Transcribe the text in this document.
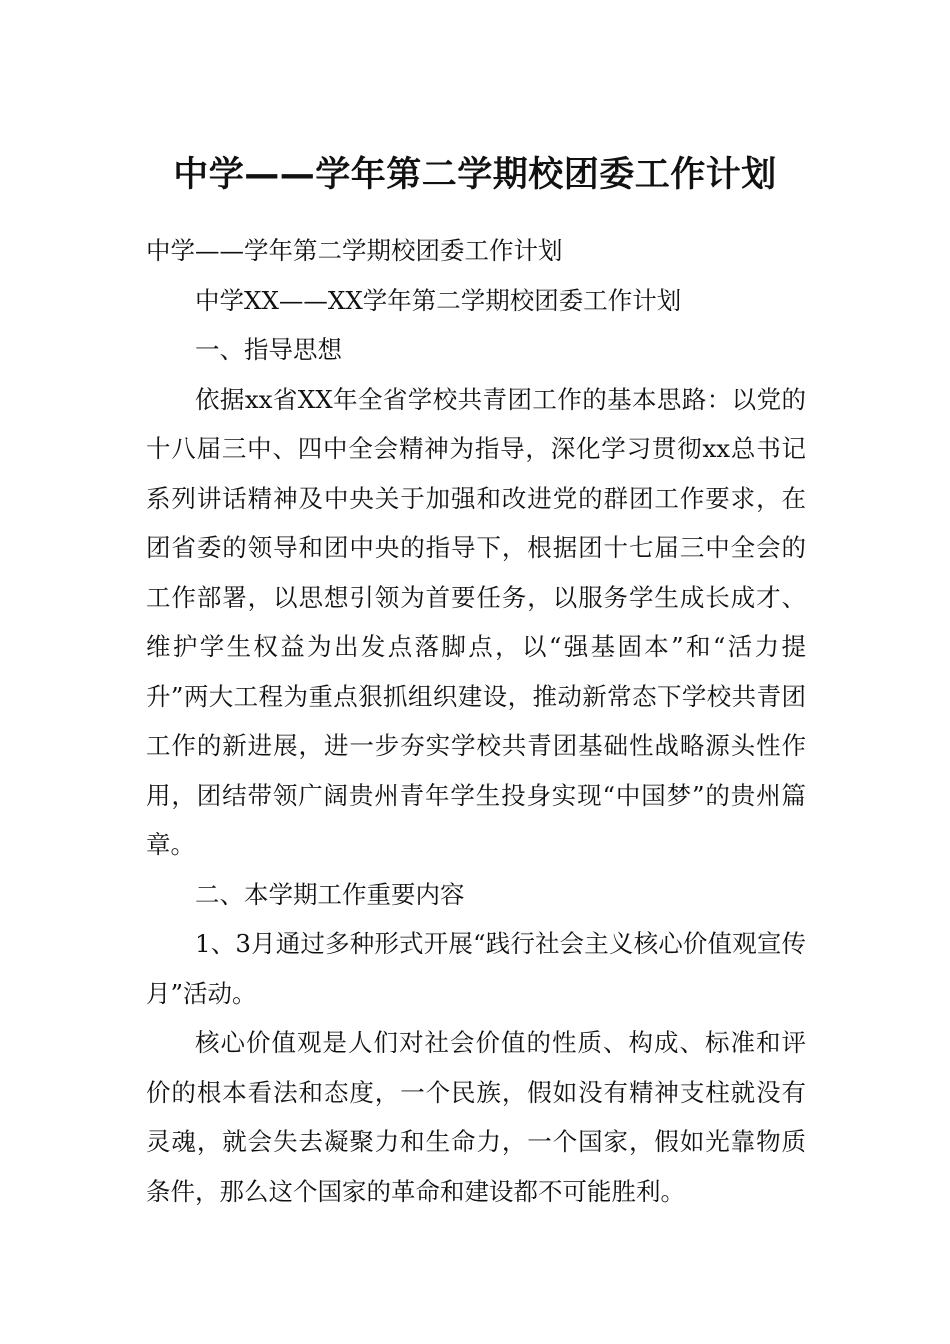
中学——学年第二学期校团委工作计划

中学——学年第二学期校团委工作计划

中学XX——XX学年第二学期校团委工作计划

一、指导思想

依据xx省XX年全省学校共青团工作的基本思路：以党的十八届三中、四中全会精神为指导，深化学习贯彻xx总书记系列讲话精神及中央关于加强和改进党的群团工作要求，在团省委的领导和团中央的指导下，根据团十七届三中全会的工作部署，以思想引领为首要任务，以服务学生成长成才、维护学生权益为出发点落脚点，以“强基固本”和“活力提升”两大工程为重点狠抓组织建设，推动新常态下学校共青团工作的新进展，进一步夯实学校共青团基础性战略源头性作用，团结带领广阔贵州青年学生投身实现“中国梦”的贵州篇章。

二、本学期工作重要内容

1、3月通过多种形式开展“践行社会主义核心价值观宣传月”活动。

核心价值观是人们对社会价值的性质、构成、标准和评价的根本看法和态度，一个民族，假如没有精神支柱就没有灵魂，就会失去凝聚力和生命力，一个国家，假如光靠物质条件，那么这个国家的革命和建设都不可能胜利。
